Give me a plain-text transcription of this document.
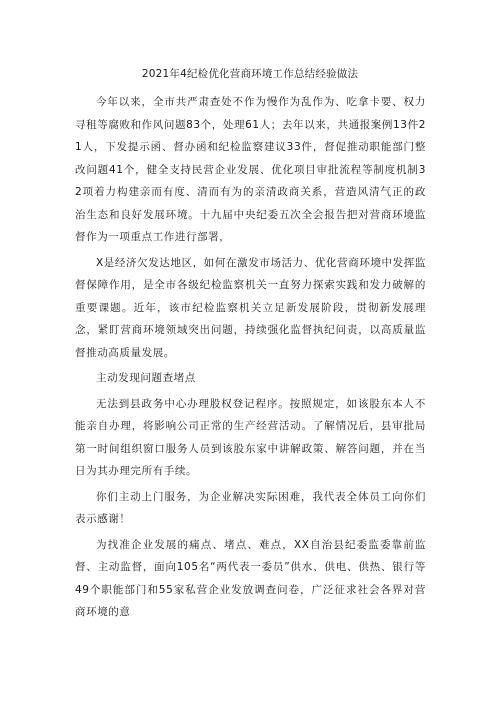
2021年4纪检优化营商环境工作总结经验做法

今年以来，全市共严肃查处不作为慢作为乱作为、吃拿卡要、权力寻租等腐败和作风问题83个，处理61人；去年以来，共通报案例13件21人，下发提示函、督办函和纪检监察建议33件，督促推动职能部门整改问题41个，健全支持民营企业发展、优化项目审批流程等制度机制32项着力构建亲而有度、清而有为的亲清政商关系，营造风清气正的政治生态和良好发展环境。十九届中央纪委五次全会报告把对营商环境监督作为一项重点工作进行部署，

X是经济欠发达地区，如何在激发市场活力、优化营商环境中发挥监督保障作用，是全市各级纪检监察机关一直努力探索实践和发力破解的重要课题。近年，该市纪检监察机关立足新发展阶段，贯彻新发展理念，紧盯营商环境领域突出问题，持续强化监督执纪问责，以高质量监督推动高质量发展。

主动发现问题查堵点

无法到县政务中心办理股权登记程序。按照规定，如该股东本人不能亲自办理，将影响公司正常的生产经营活动。了解情况后，县审批局第一时间组织窗口服务人员到该股东家中讲解政策、解答问题，并在当日为其办理完所有手续。

你们主动上门服务，为企业解决实际困难，我代表全体员工向你们表示感谢！

为找准企业发展的痛点、堵点、难点，XX自治县纪委监委靠前监督、主动监督，面向105名“两代表一委员”供水、供电、供热、银行等49个职能部门和55家私营企业发放调查问卷，广泛征求社会各界对营商环境的意
